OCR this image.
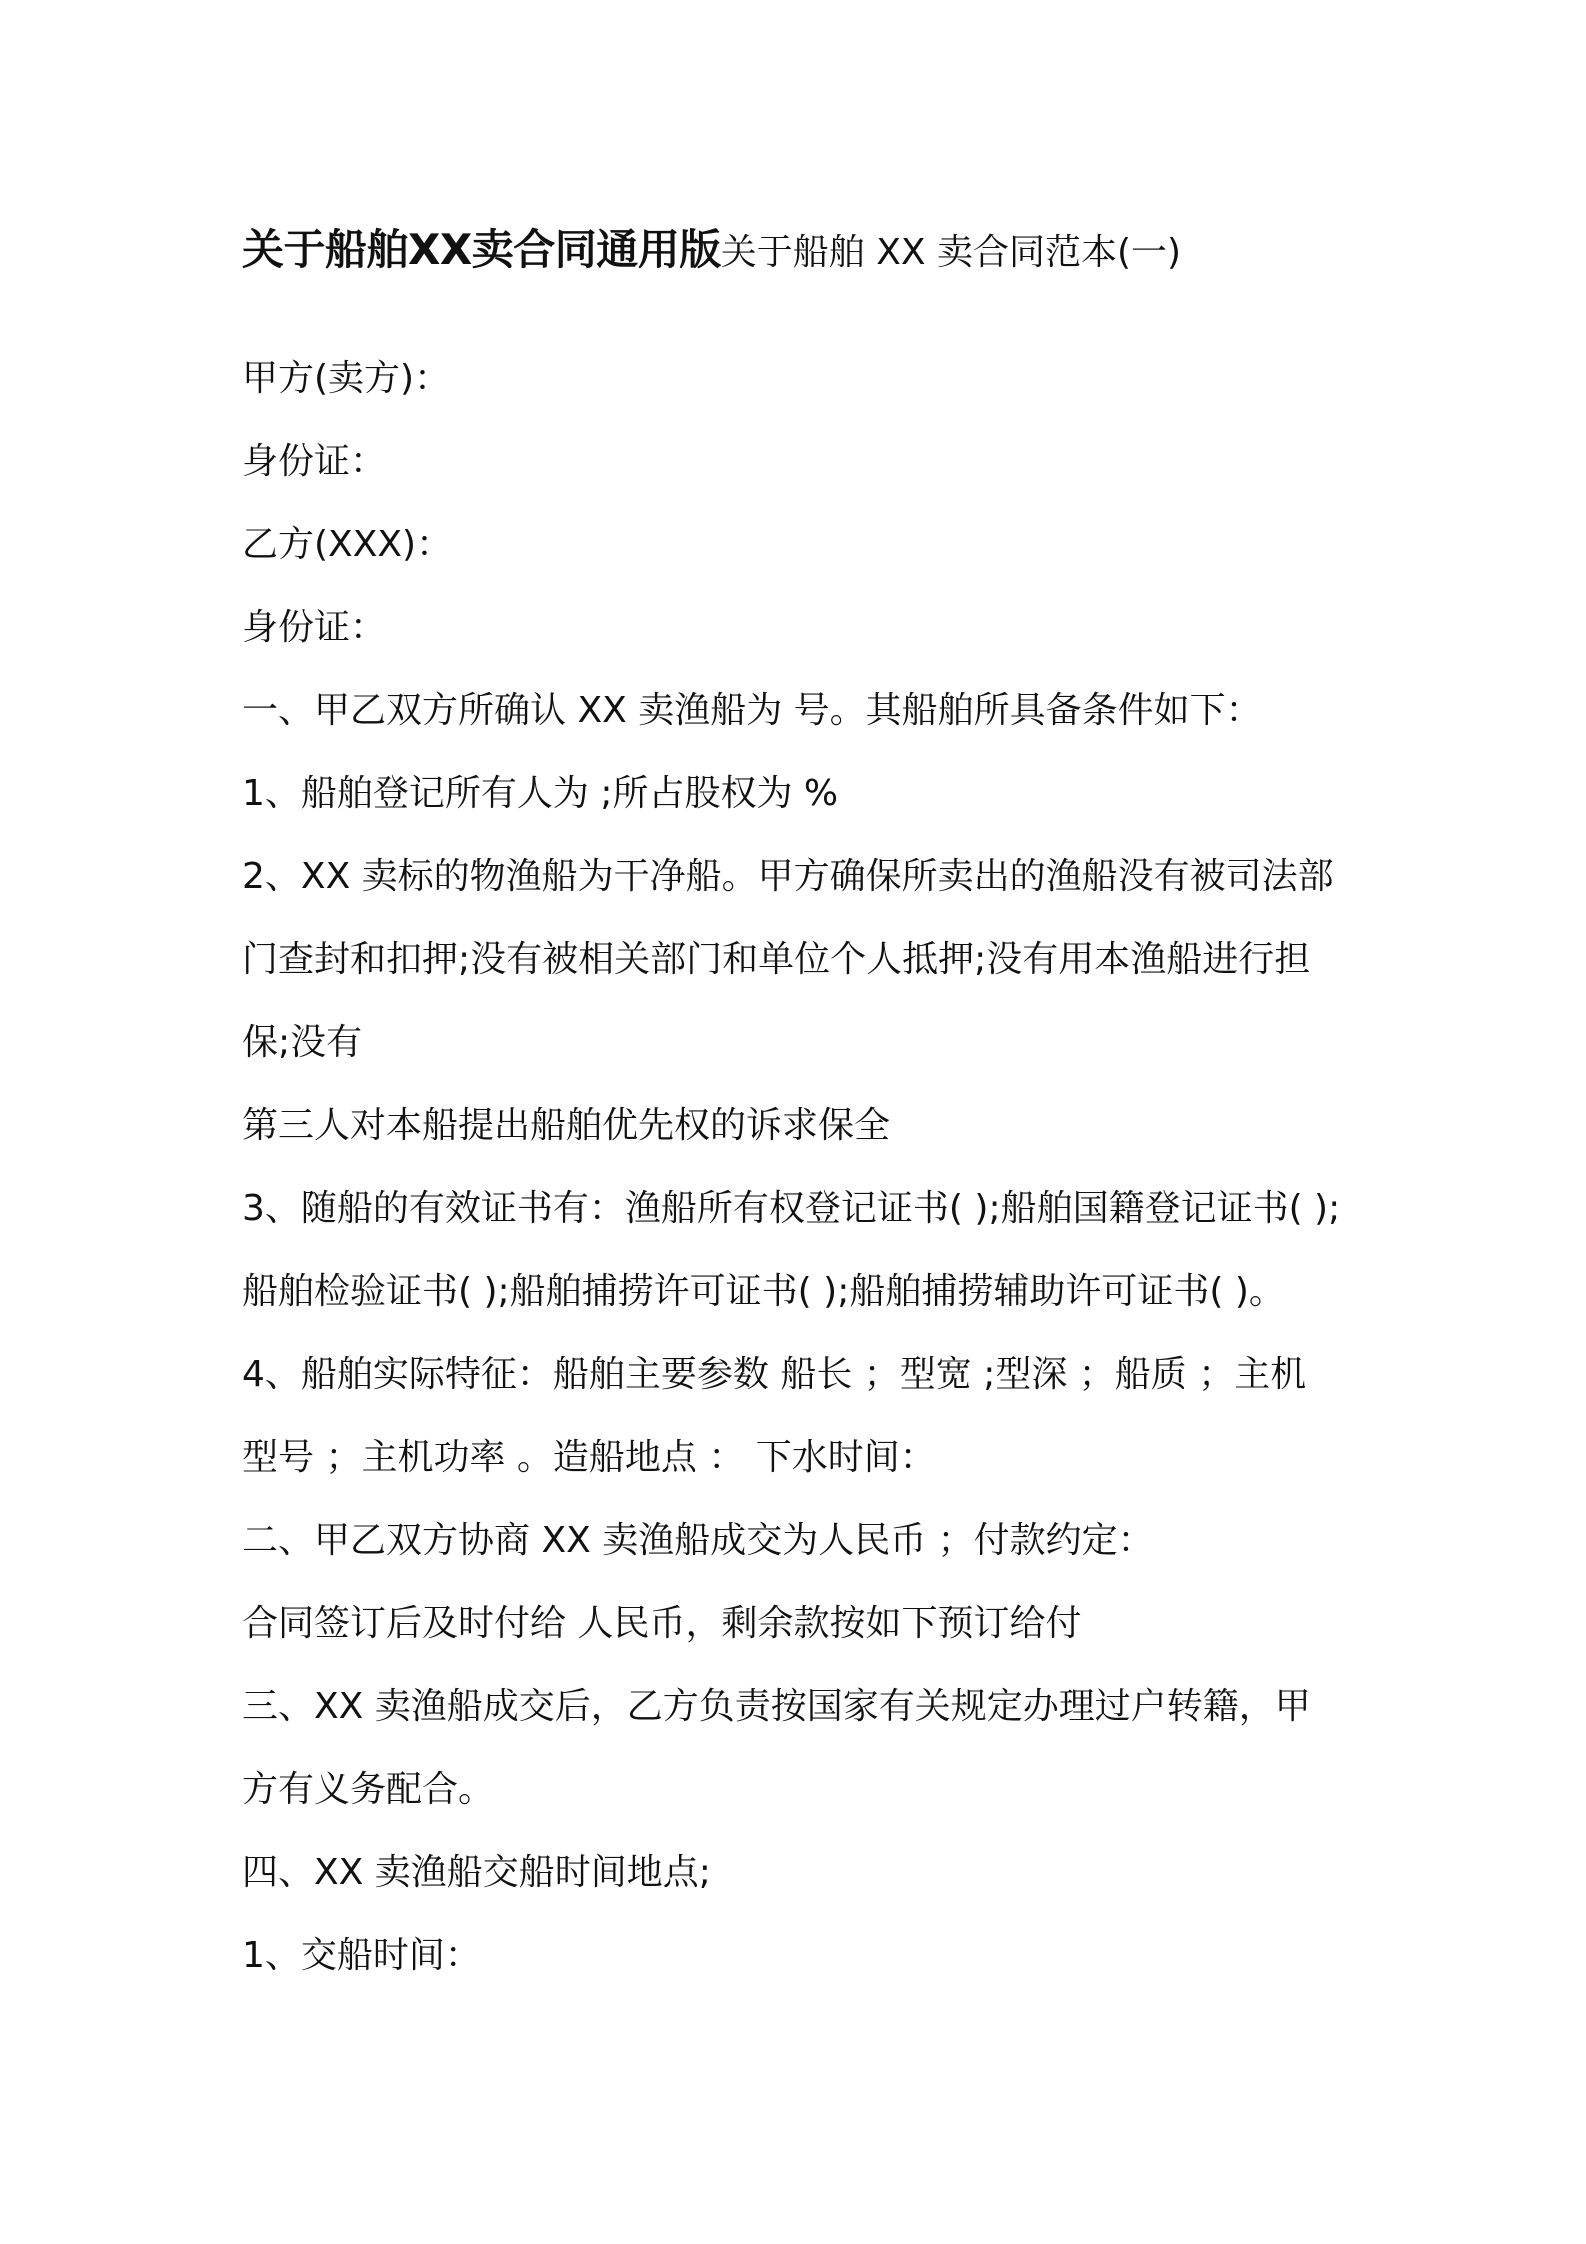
关于船舶XX卖合同通用版关于船舶 XX 卖合同范本(一)

甲方(卖方)：

身份证：

乙方(XXX)：

身份证：

一、甲乙双方所确认 XX 卖渔船为 号。其船舶所具备条件如下：

1、船舶登记所有人为 ;所占股权为 %

2、XX 卖标的物渔船为干净船。甲方确保所卖出的渔船没有被司法部

门查封和扣押;没有被相关部门和单位个人抵押;没有用本渔船进行担

保;没有

第三人对本船提出船舶优先权的诉求保全

3、随船的有效证书有：渔船所有权登记证书( );船舶国籍登记证书( );

船舶检验证书( );船舶捕捞许可证书( );船舶捕捞辅助许可证书( )。

4、船舶实际特征：船舶主要参数 船长 ；型宽 ;型深 ；船质 ；主机

型号 ；主机功率 。造船地点 ： 下水时间：

二、甲乙双方协商 XX 卖渔船成交为人民币 ；付款约定：

合同签订后及时付给 人民币，剩余款按如下预订给付

三、XX 卖渔船成交后，乙方负责按国家有关规定办理过户转籍，甲

方有义务配合。

四、XX 卖渔船交船时间地点;

1、交船时间：
